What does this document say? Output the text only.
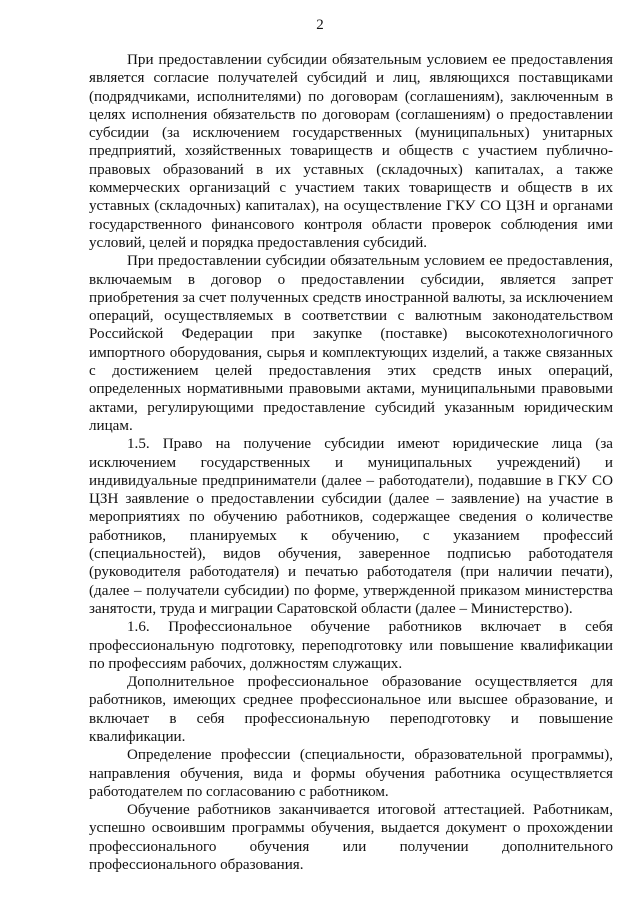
2

При предоставлении субсидии обязательным условием ее предоставления является согласие получателей субсидий и лиц, являющихся поставщиками (подрядчиками, исполнителями) по договорам (соглашениям), заключенным в целях исполнения обязательств по договорам (соглашениям) о предоставлении субсидии (за исключением государственных (муниципальных) унитарных предприятий, хозяйственных товариществ и обществ с участием публично-правовых образований в их уставных (складочных) капиталах, а также коммерческих организаций с участием таких товариществ и обществ в их уставных (складочных) капиталах), на осуществление ГКУ СО ЦЗН и органами государственного финансового контроля области проверок соблюдения ими условий, целей и порядка предоставления субсидий.

При предоставлении субсидии обязательным условием ее предоставления, включаемым в договор о предоставлении субсидии, является запрет приобретения за счет полученных средств иностранной валюты, за исключением операций, осуществляемых в соответствии с валютным законодательством Российской Федерации при закупке (поставке) высокотехнологичного импортного оборудования, сырья и комплектующих изделий, а также связанных с достижением целей предоставления этих средств иных операций, определенных нормативными правовыми актами, муниципальными правовыми актами, регулирующими предоставление субсидий указанным юридическим лицам.

1.5. Право на получение субсидии имеют юридические лица (за исключением государственных и муниципальных учреждений) и индивидуальные предприниматели (далее – работодатели), подавшие в ГКУ СО ЦЗН заявление о предоставлении субсидии (далее – заявление) на участие в мероприятиях по обучению работников, содержащее сведения о количестве работников, планируемых к обучению, с указанием профессий (специальностей), видов обучения, заверенное подписью работодателя (руководителя работодателя) и печатью работодателя (при наличии печати), (далее – получатели субсидии) по форме, утвержденной приказом министерства занятости, труда и миграции Саратовской области (далее – Министерство).

1.6. Профессиональное обучение работников включает в себя профессиональную подготовку, переподготовку или повышение квалификации по профессиям рабочих, должностям служащих.

Дополнительное профессиональное образование осуществляется для работников, имеющих среднее профессиональное или высшее образование, и включает в себя профессиональную переподготовку и повышение квалификации.

Определение профессии (специальности, образовательной программы), направления обучения, вида и формы обучения работника осуществляется работодателем по согласованию с работником.

Обучение работников заканчивается итоговой аттестацией. Работникам, успешно освоившим программы обучения, выдается документ о прохождении профессионального обучения или получении дополнительного профессионального образования.
